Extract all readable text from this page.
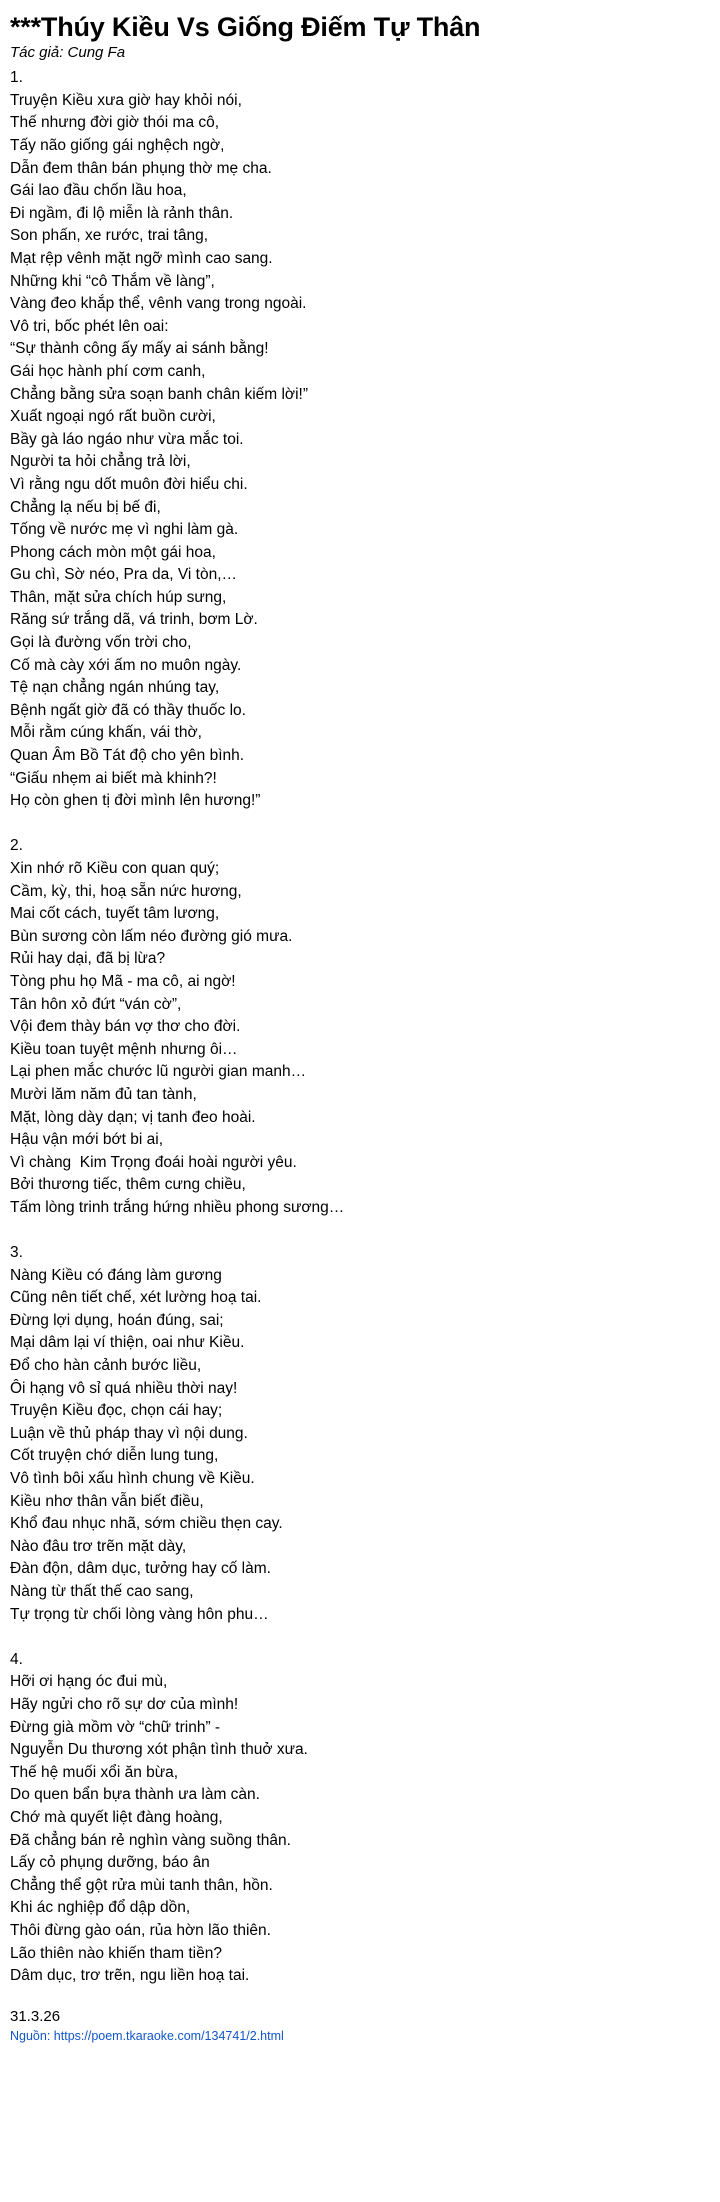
***Thúy Kiều Vs Giống Điếm Tự Thân
Tác giả: Cung Fa
1.
Truyện Kiều xưa giờ hay khỏi nói,
Thế nhưng đời giờ thói ma cô,
Tấy não giống gái nghệch ngờ,
Dẫn đem thân bán phụng thờ mẹ cha.
Gái lao đầu chốn lầu hoa,
Đi ngầm, đi lộ miễn là rảnh thân.
Son phấn, xe rước, trai tâng,
Mạt rệp vênh mặt ngỡ mình cao sang.
Những khi “cô Thắm về làng”,
Vàng đeo khắp thể, vênh vang trong ngoài.
Vô tri, bốc phét lên oai:
“Sự thành công ấy mấy ai sánh bằng!
Gái học hành phí cơm canh,
Chẳng bằng sửa soạn banh chân kiếm lời!”
Xuất ngoại ngó rất buồn cười,
Bầy gà láo ngáo như vừa mắc toi.
Người ta hỏi chẳng trả lời,
Vì rằng ngu dốt muôn đời hiểu chi.
Chẳng lạ nếu bị bế đi,
Tống về nước mẹ vì nghi làm gà.
Phong cách mòn một gái hoa,
Gu chì, Sờ néo, Pra da, Vi tòn,…
Thân, mặt sửa chích húp sưng,
Răng sứ trắng dã, vá trinh, bơm Lờ.
Gọi là đường vốn trời cho,
Cố mà cày xới ấm no muôn ngày.
Tệ nạn chẳng ngán nhúng tay,
Bệnh ngất giờ đã có thầy thuốc lo.
Mỗi rằm cúng khấn, vái thờ,
Quan Âm Bồ Tát độ cho yên bình.
“Giấu nhẹm ai biết mà khinh?!
Họ còn ghen tị đời mình lên hương!”
2.
Xin nhớ rõ Kiều con quan quý;
Cầm, kỳ, thi, hoạ sẵn nức hương,
Mai cốt cách, tuyết tâm lương,
Bùn sương còn lấm néo đường gió mưa.
Rủi hay dại, đã bị lừa?
Tòng phu họ Mã - ma cô, ai ngờ!
Tân hôn xỏ đứt “ván cờ”,
Vội đem thày bán vợ thơ cho đời.
Kiều toan tuyệt mệnh nhưng ôi…
Lại phen mắc chước lũ người gian manh…
Mười lăm năm đủ tan tành,
Mặt, lòng dày dạn; vị tanh đeo hoài.
Hậu vận mới bớt bi ai,
Vì chàng  Kim Trọng đoái hoài người yêu.
Bởi thương tiếc, thêm cưng chiều,
Tấm lòng trinh trắng hứng nhiều phong sương…
3.
Nàng Kiều có đáng làm gương
Cũng nên tiết chế, xét lường hoạ tai.
Đừng lợi dụng, hoán đúng, sai;
Mại dâm lại ví thiện, oai như Kiều.
Đổ cho hàn cảnh bước liều,
Ôi hạng vô sỉ quá nhiều thời nay!
Truyện Kiều đọc, chọn cái hay;
Luận về thủ pháp thay vì nội dung.
Cốt truyện chớ diễn lung tung,
Vô tình bôi xấu hình chung về Kiều.
Kiều nhơ thân vẫn biết điều,
Khổ đau nhục nhã, sớm chiều thẹn cay.
Nào đâu trơ trẽn mặt dày,
Đàn độn, dâm dục, tưởng hay cố làm.
Nàng từ thất thế cao sang,
Tự trọng từ chối lòng vàng hôn phu…
4.
Hỡi ơi hạng óc đui mù,
Hãy ngửi cho rõ sự dơ của mình!
Đừng già mồm vờ “chữ trinh” -
Nguyễn Du thương xót phận tình thuở xưa.
Thế hệ muối xổi ăn bừa,
Do quen bẩn bựa thành ưa làm càn.
Chớ mà quyết liệt đàng hoàng,
Đã chẳng bán rẻ nghìn vàng suồng thân.
Lấy cỏ phụng dưỡng, báo ân
Chẳng thể gột rửa mùi tanh thân, hồn.
Khi ác nghiệp đổ dập dồn,
Thôi đừng gào oán, rủa hờn lão thiên.
Lão thiên nào khiến tham tiền?
Dâm dục, trơ trẽn, ngu liền hoạ tai.
31.3.26
Nguồn: https://poem.tkaraoke.com/134741/2.html
